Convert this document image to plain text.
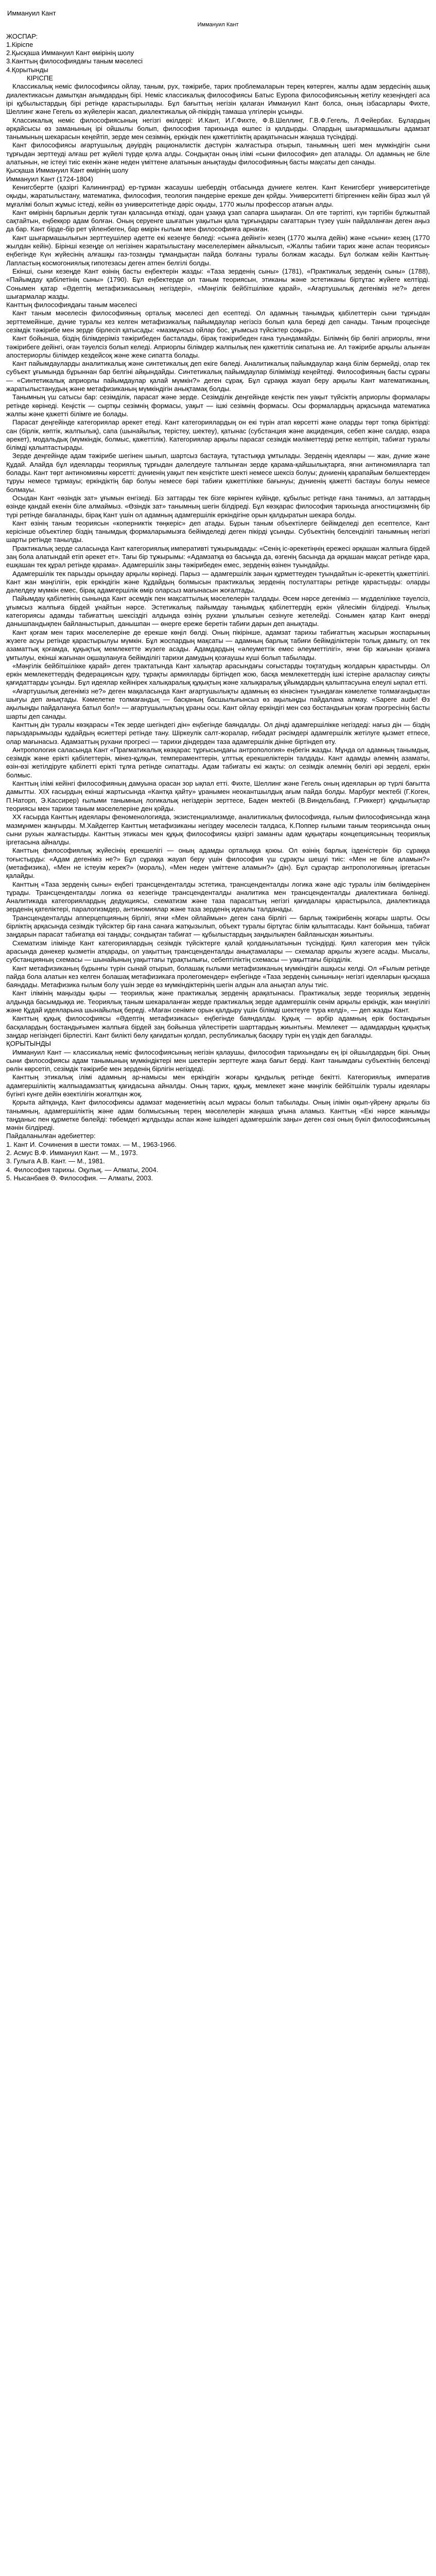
Иммануил Кант
Иммануил Кант
ЖОСПАР:
1.Кіріспе
2.Қысқаша Иммануил Кант өмірінің шолу
3.Канттың философиядағы таным мәселесі
4.Қорытынды
КІРІСПЕ

Классикалық неміс философиясы ойлау, таным, рух, тәжірибе, тарих проблемаларын терең көтерген, жалпы адам зердесінің ашық диалектикасын дамытқан ағымдардың бірі. Неміс классикалық философиясы Батыс Еуропа философиясының жетілу кезеңіндегі аса ірі құбылыстардың бірі ретінде қарастырылады. Бұл бағыттың негізін қалаған Иммануил Кант болса, оның ізбасарлары Фихте, Шеллинг және Гегель өз жүйелерін жасап, диалектикалық ой-пікірдің тамаша үлгілерін ұсынды.

Классикалық неміс философиясының негізгі өкілдері: И.Кант, И.Г.Фихте, Ф.В.Шеллинг, Г.В.Ф.Гегель, Л.Фейербах. Бұлардың әрқайсысы өз заманының ірі ойшылы болып, философия тарихында өшпес із қалдырды. Олардың шығармашылығы адамзат танымының шекарасын кеңейтіп, зерде мен сезімнің, еркіндік пен қажеттіліктің арақатынасын жаңаша түсіндірді.

Кант философиясы ағартушылық дәуірдің рационалистік дәстүрін жалғастыра отырып, танымның шегі мен мүмкіндігін сыни тұрғыдан зерттеуді алғаш рет жүйелі түрде қолға алды. Сондықтан оның ілімі «сыни философия» деп аталады. Ол адамның не біле алатынын, не істеуі тиіс екенін және неден үміттене алатынын анықтауды философияның басты мақсаты деп санады.

Қысқаша Иммануил Кант өмірінің шолу
Иммануил Кант (1724-1804)

Кенигсбергте (қазіргі Калининград) ер-тұрман жасаушы шебердің отбасында дүниеге келген. Кант Кенигсберг университетінде оқыды, жаратылыстану, математика, философия, теология пәндеріне ерекше ден қойды. Университетті бітіргеннен кейін біраз жыл үй мұғалімі болып жұмыс істеді, кейін өз университетінде дәріс оқыды, 1770 жылы профессор атағын алды.

Кант өмірінің барлығын дерлік туған қаласында өткізді, одан ұзаққа ұзап сапарға шықпаған. Ол өте тәртіпті, күн тәртібін бұлжытпай сақтайтын, еңбекқор адам болған. Оның серуенге шығатын уақытын қала тұрғындары сағаттарын түзеу үшін пайдаланған деген аңыз да бар. Кант бірде-бір рет үйленбеген, бар өмірін ғылым мен философияға арнаған.

Кант шығармашылығын зерттеушілер әдетте екі кезеңге бөледі: «сынға дейінгі» кезең (1770 жылға дейін) және «сыни» кезең (1770 жылдан кейін). Бірінші кезеңде ол негізінен жаратылыстану мәселелерімен айналысып, «Жалпы табиғи тарих және аспан теориясы» еңбегінде Күн жүйесінің алғашқы газ-тозаңды тұмандықтан пайда болғаны туралы болжам жасады. Бұл болжам кейін Канттың-Лапластың космогониялық гипотезасы деген атпен белгілі болды.

Екінші, сыни кезеңде Кант өзінің басты еңбектерін жазды: «Таза зерденің сыны» (1781), «Практикалық зерденің сыны» (1788), «Пайымдау қабілетінің сыны» (1790). Бұл еңбектерде ол таным теориясын, этиканы және эстетиканы біртұтас жүйеге келтірді. Сонымен қатар «Әдептің метафизикасының негіздері», «Мәңгілік бейбітшілікке қарай», «Ағартушылық дегеніміз не?» деген шығармалар жазды.

Канттың философиядағы таным мәселесі

Кант таным мәселесін философияның орталық мәселесі деп есептеді. Ол адамның танымдық қабілеттерін сыни тұрғыдан зерттемейінше, дүние туралы кез келген метафизикалық пайымдаулар негізсіз болып қала береді деп санады. Таным процесінде сезімдік тәжірибе мен зерде бірлесіп қатысады: «мазмұнсыз ойлар бос, ұғымсыз түйсіктер соқыр».

Кант бойынша, біздің білімдеріміз тәжірибеден басталады, бірақ тәжірибеден ғана туындамайды. Білімнің бір бөлігі априорлы, яғни тәжірибеге дейінгі, оған тәуелсіз болып келеді. Априорлы білімдер жалпылық пен қажеттілік сипатына ие. Ал тәжірибе арқылы алынған апостериорлы білімдер кездейсоқ және жеке сипатта болады.

Кант пайымдауларды аналитикалық және синтетикалық деп екіге бөледі. Аналитикалық пайымдаулар жаңа білім бермейді, олар тек субъект ұғымында бұрыннан бар белгіні айқындайды. Синтетикалық пайымдаулар білімімізді кеңейтеді. Философияның басты сұрағы — «Синтетикалық априорлы пайымдаулар қалай мүмкін?» деген сұрақ. Бұл сұраққа жауап беру арқылы Кант математиканың, жаратылыстанудың және метафизиканың мүмкіндігін анықтамақ болды.

Танымның үш сатысы бар: сезімділік, парасат және зерде. Сезімділік деңгейінде кеңістік пен уақыт түйсіктің априорлы формалары ретінде көрінеді. Кеңістік — сыртқы сезімнің формасы, уақыт — ішкі сезімнің формасы. Осы формалардың арқасында математика жалпы және қажетті білімге ие болады.

Парасат деңгейінде категориялар әрекет етеді. Кант категориялардың он екі түрін атап көрсетті және оларды төрт топқа біріктірді: сан (бірлік, көптік, жалпылық), сапа (шынайылық, терістеу, шектеу), қатынас (субстанция және акциденция, себеп және салдар, өзара әрекет), модальдық (мүмкіндік, болмыс, қажеттілік). Категориялар арқылы парасат сезімдік мәліметтерді ретке келтіріп, табиғат туралы білімді қалыптастырады.

Зерде деңгейінде адам тәжірибе шегінен шығып, шартсыз бастауға, тұтастыққа ұмтылады. Зерденің идеялары — жан, дүние және Құдай. Алайда бұл идеяларды теориялық тұрғыдан дәлелдеуге талпынған зерде қарама-қайшылықтарға, яғни антиномияларға тап болады. Кант төрт антиномияны көрсетті: дүниенің уақыт пен кеңістікте шекті немесе шексіз болуы; дүниенің қарапайым бөлшектерден тұруы немесе тұрмауы; еркіндіктің бар болуы немесе бәрі табиғи қажеттілікке бағынуы; дүниенің қажетті бастауы болуы немесе болмауы.

Осыдан Кант «өзіндік зат» ұғымын енгізеді. Біз заттарды тек бізге көрінген күйінде, құбылыс ретінде ғана танимыз, ал заттардың өзінде қандай екенін біле алмаймыз. «Өзіндік зат» танымның шегін білдіреді. Бұл көзқарас философия тарихында агностицизмнің бір түрі ретінде бағаланады, бірақ Кант үшін ол адамның адамгершілік еркіндігіне орын қалдыратын шекара болды.

Кант өзінің таным теориясын «коперниктік төңкеріс» деп атады. Бұрын таным объектілерге бейімделеді деп есептелсе, Кант керісінше объектілер біздің танымдық формаларымызға бейімделеді деген пікірді ұсынды. Субъектінің белсенділігі танымның негізгі шарты ретінде танылды.

Практикалық зерде саласында Кант категориялық императивті тұжырымдады: «Сенің іс-әрекетіңнің ережесі әрқашан жалпыға бірдей заң бола алатындай етіп әрекет ет». Тағы бір тұжырымы: «Адамзатқа өз басыңда да, өзгенің басында да әрқашан мақсат ретінде қара, ешқашан тек құрал ретінде қарама». Адамгершілік заңы тәжірибеден емес, зерденің өзінен туындайды.

Адамгершілік тек парызды орындау арқылы көрінеді. Парыз — адамгершілік заңын құрметтеуден туындайтын іс-әрекеттің қажеттілігі. Кант жан мәңгілігін, ерік еркіндігін және Құдайдың болмысын практикалық зерденің постулаттары ретінде қарастырды: оларды дәлелдеу мүмкін емес, бірақ адамгершілік өмір оларсыз мағынасын жоғалтады.

Пайымдау қабілетінің сынында Кант әсемдік пен мақсаттылық мәселелерін талдады. Әсем нәрсе дегеніміз — мүдделілікке тәуелсіз, ұғымсыз жалпыға бірдей ұнайтын нәрсе. Эстетикалық пайымдау танымдық қабілеттердің еркін үйлесімін білдіреді. Ұлылық категориясы адамды табиғаттың шексіздігі алдында өзінің рухани ұлылығын сезінуге жетелейді. Сонымен қатар Кант өнерді данышпандықпен байланыстырып, данышпан — өнерге ереже беретін табиғи дарын деп анықтады.

Кант қоғам мен тарих мәселелеріне де ерекше көңіл бөлді. Оның пікірінше, адамзат тарихы табиғаттың жасырын жоспарының жүзеге асуы ретінде қарастырылуы мүмкін. Бұл жоспардың мақсаты — адамның барлық табиғи бейімділіктерін толық дамыту, ол тек азаматтық қоғамда, құқықтық мемлекетте жүзеге асады. Адамдардың «әлеуметтік емес әлеуметтілігі», яғни бір жағынан қоғамға ұмтылуы, екінші жағынан оқшаулануға бейімділігі тарихи дамудың қозғаушы күші болып табылады.

«Мәңгілік бейбітшілікке қарай» деген трактатында Кант халықтар арасындағы соғыстарды тоқтатудың жолдарын қарастырды. Ол еркін мемлекеттердің федерациясын құру, тұрақты армияларды біртіндеп жою, басқа мемлекеттердің ішкі істеріне араласпау сияқты қағидаттарды ұсынды. Бұл идеялар кейінірек халықаралық құқықтың және халықаралық ұйымдардың қалыптасуына елеулі ықпал етті.

«Ағартушылық дегеніміз не?» деген мақаласында Кант ағартушылықты адамның өз кінәсінен туындаған кәмелетке толмағандықтан шығуы деп анықтады. Кәмелетке толмағандық — басқаның басшылығынсыз өз ақылыңды пайдалана алмау. «Sapere aude! Өз ақылыңды пайдалануға батыл бол!» — ағартушылықтың ұраны осы. Кант ойлау еркіндігі мен сөз бостандығын қоғам прогресінің басты шарты деп санады.

Канттың дін туралы көзқарасы «Тек зерде шегіндегі дін» еңбегінде баяндалды. Ол дінді адамгершілікке негіздеді: нағыз дін — біздің парыздарымызды құдайдың өсиеттері ретінде тану. Шіркеулік салт-жоралар, ғибадат рәсімдері адамгершілік жетілуге қызмет етпесе, олар мағынасыз. Адамзаттың рухани прогресі — тарихи діндерден таза адамгершілік дініне біртіндеп өту.

Антропология саласында Кант «Прагматикалық көзқарас тұрғысындағы антропология» еңбегін жазды. Мұнда ол адамның танымдық, сезімдік және ерікті қабілеттерін, мінез-құлқын, темпераменттерін, ұлттық ерекшеліктерін талдады. Кант адамды әлемнің азаматы, өзін-өзі жетілдіруге қабілетті ерікті тұлға ретінде сипаттады. Адам табиғаты екі жақты: ол сезімдік әлемнің бөлігі әрі зерделі, еркін болмыс.

Канттың ілімі кейінгі философияның дамуына орасан зор ықпал етті. Фихте, Шеллинг және Гегель оның идеяларын әр түрлі бағытта дамытты. XIX ғасырдың екінші жартысында «Кантқа қайту» ұранымен неокантшылдық ағым пайда болды. Марбург мектебі (Г.Коген, П.Наторп, Э.Кассирер) ғылыми танымның логикалық негіздерін зерттесе, Баден мектебі (В.Виндельбанд, Г.Риккерт) құндылықтар теориясы мен тарихи таным мәселелеріне ден қойды.

XX ғасырда Канттың идеялары феноменологияда, экзистенциализмде, аналитикалық философияда, ғылым философиясында жаңа мазмұнмен жаңғырды. М.Хайдеггер Канттың метафизиканы негіздеу мәселесін талдаса, К.Поппер ғылыми таным теориясында оның сыни рухын жалғастырды. Канттың этикасы мен құқық философиясы қазіргі заманғы адам құқықтары концепциясының теориялық іргетасына айналды.

Канттың философиялық жүйесінің ерекшелігі — оның адамды орталыққа қоюы. Ол өзінің барлық ізденістерін бір сұраққа тоғыстырды: «Адам дегеніміз не?» Бұл сұраққа жауап беру үшін философия үш сұрақты шешуі тиіс: «Мен не біле аламын?» (метафизика), «Мен не істеуім керек?» (мораль), «Мен неден үміттене аламын?» (дін). Бұл сұрақтар антропологияның іргетасын қалайды.

Канттың «Таза зерденің сыны» еңбегі трансценденталды эстетика, трансценденталды логика және әдіс туралы ілім бөлімдерінен тұрады. Трансценденталды логика өз кезегінде трансценденталды аналитика мен трансценденталды диалектикаға бөлінеді. Аналитикада категориялардың дедукциясы, схематизм және таза парасаттың негізгі қағидалары қарастырылса, диалектикада зерденің қателіктері, паралогизмдер, антиномиялар және таза зерденің идеалы талданады.

Трансценденталды апперцепцияның бірлігі, яғни «Мен ойлаймын» деген сана бірлігі — барлық тәжірибенің жоғары шарты. Осы бірліктің арқасында сезімдік түйсіктер бір ғана санаға жатқызылып, объект туралы біртұтас білім қалыптасады. Кант бойынша, табиғат заңдарын парасат табиғатқа өзі таңады; сондықтан табиғат — құбылыстардың заңдылықпен байланысқан жиынтығы.

Схематизм ілімінде Кант категориялардың сезімдік түйсіктерге қалай қолданылатынын түсіндірді. Қиял категория мен түйсік арасында дәнекер қызметін атқарады, ол уақыттың трансценденталды анықтамалары — схемалар арқылы жүзеге асады. Мысалы, субстанцияның схемасы — шынайының уақыттағы тұрақтылығы, себептіліктің схемасы — уақыттағы бірізділік.

Кант метафизиканың бұрынғы түрін сынай отырып, болашақ ғылыми метафизиканың мүмкіндігін ашқысы келді. Ол «Ғылым ретінде пайда бола алатын кез келген болашақ метафизикаға пролегомендер» еңбегінде «Таза зерденің сынының» негізгі идеяларын қысқаша баяндады. Метафизика ғылым болу үшін зерде өз мүмкіндіктерінің шегін алдын ала анықтап алуы тиіс.

Кант ілімінің маңызды қыры — теориялық және практикалық зерденің арақатынасы. Практикалық зерде теориялық зерденің алдында басымдыққа ие. Теориялық таным шекараланған жерде практикалық зерде адамгершілік сенім арқылы еркіндік, жан мәңгілігі және Құдай идеяларына шынайылық береді. «Маған сенімге орын қалдыру үшін білімді шектеуге тура келді», — деп жазды Кант.

Канттың құқық философиясы «Әдептің метафизикасы» еңбегінде баяндалды. Құқық — әрбір адамның ерік бостандығын басқалардың бостандығымен жалпыға бірдей заң бойынша үйлестіретін шарттардың жиынтығы. Мемлекет — адамдардың құқықтық заңдар негізіндегі бірлестігі. Кант билікті бөлу қағидатын қолдап, республикалық басқару түрін ең үздік деп бағалады.

ҚОРЫТЫНДЫ

Иммануил Кант — классикалық неміс философиясының негізін қалаушы, философия тарихындағы ең ірі ойшылдардың бірі. Оның сыни философиясы адам танымының мүмкіндіктері мен шектерін зерттеуге жаңа бағыт берді. Кант танымдағы субъектінің белсенді рөлін көрсетіп, сезімдік тәжірибе мен зерденің бірлігін негіздеді.

Канттың этикалық ілімі адамның ар-намысы мен еркіндігін жоғары құндылық ретінде бекітті. Категориялық императив адамгершіліктің жалпыадамзаттық қағидасына айналды. Оның тарих, құқық, мемлекет және мәңгілік бейбітшілік туралы идеялары бүгінгі күнге дейін өзектілігін жоғалтқан жоқ.

Қорыта айтқанда, Кант философиясы адамзат мәдениетінің асыл мұрасы болып табылады. Оның ілімін оқып-үйрену арқылы біз танымның, адамгершіліктің және адам болмысының терең мәселелерін жаңаша ұғына аламыз. Канттың «Екі нәрсе жанымды таңданыс пен құрметке бөлейді: төбемдегі жұлдызды аспан және ішімдегі адамгершілік заңы» деген сөзі оның бүкіл философиясының мәнін білдіреді.

Пайдаланылған әдебиеттер:
1. Кант И. Сочинения в шести томах. — М., 1963-1966.
2. Асмус В.Ф. Иммануил Кант. — М., 1973.
3. Гулыга А.В. Кант. — М., 1981.
4. Философия тарихы. Оқулық. — Алматы, 2004.
5. Нысанбаев Ә. Философия. — Алматы, 2003.
